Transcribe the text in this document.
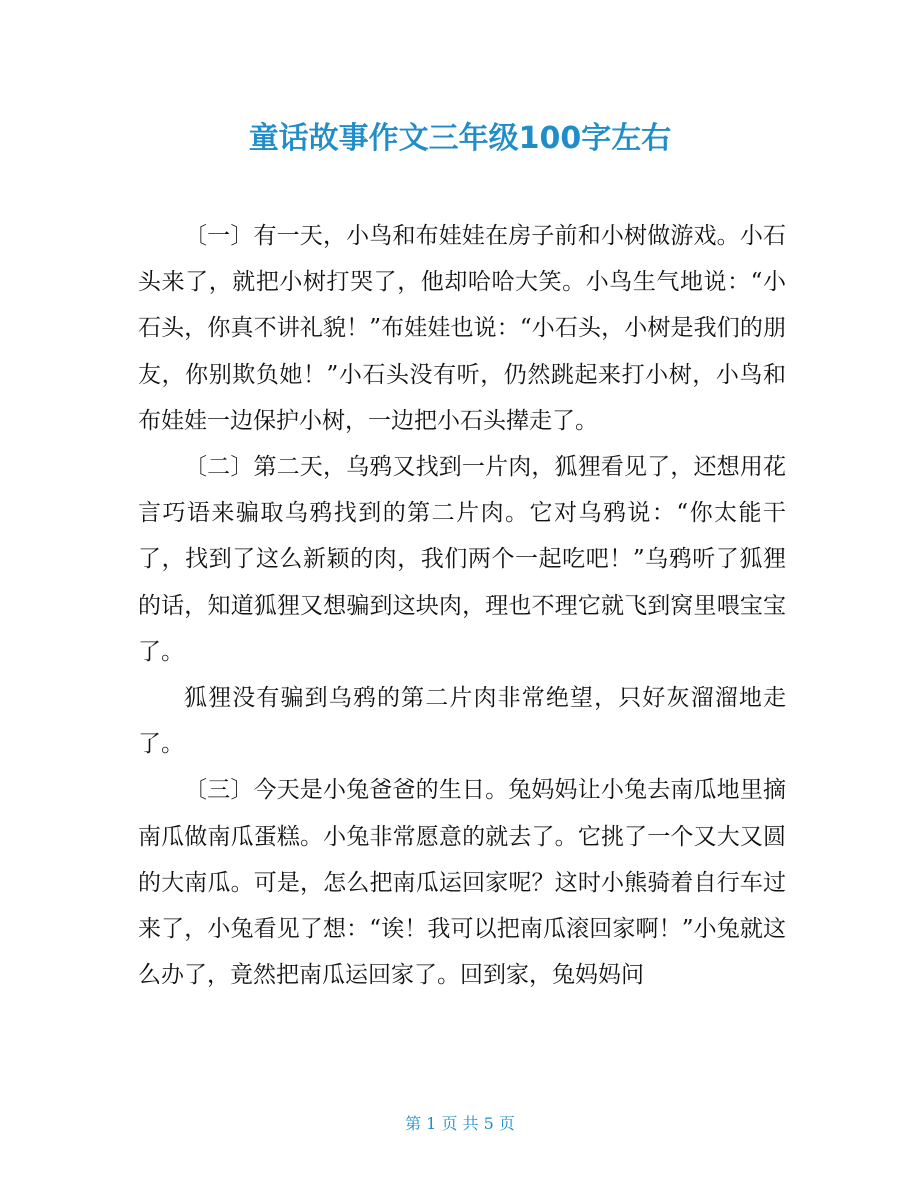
童话故事作文三年级100字左右

〔一〕有一天，小鸟和布娃娃在房子前和小树做游戏。小石头来了，就把小树打哭了，他却哈哈大笑。小鸟生气地说：“小石头，你真不讲礼貌！”布娃娃也说：“小石头，小树是我们的朋友，你别欺负她！”小石头没有听，仍然跳起来打小树，小鸟和布娃娃一边保护小树，一边把小石头撵走了。

〔二〕第二天，乌鸦又找到一片肉，狐狸看见了，还想用花言巧语来骗取乌鸦找到的第二片肉。它对乌鸦说：“你太能干了，找到了这么新颖的肉，我们两个一起吃吧！”乌鸦听了狐狸的话，知道狐狸又想骗到这块肉，理也不理它就飞到窝里喂宝宝了。

狐狸没有骗到乌鸦的第二片肉非常绝望，只好灰溜溜地走了。

〔三〕今天是小兔爸爸的生日。兔妈妈让小兔去南瓜地里摘南瓜做南瓜蛋糕。小兔非常愿意的就去了。它挑了一个又大又圆的大南瓜。可是，怎么把南瓜运回家呢？这时小熊骑着自行车过来了，小兔看见了想：“诶！我可以把南瓜滚回家啊！”小兔就这么办了，竟然把南瓜运回家了。回到家，兔妈妈问

第 1 页 共 5 页
